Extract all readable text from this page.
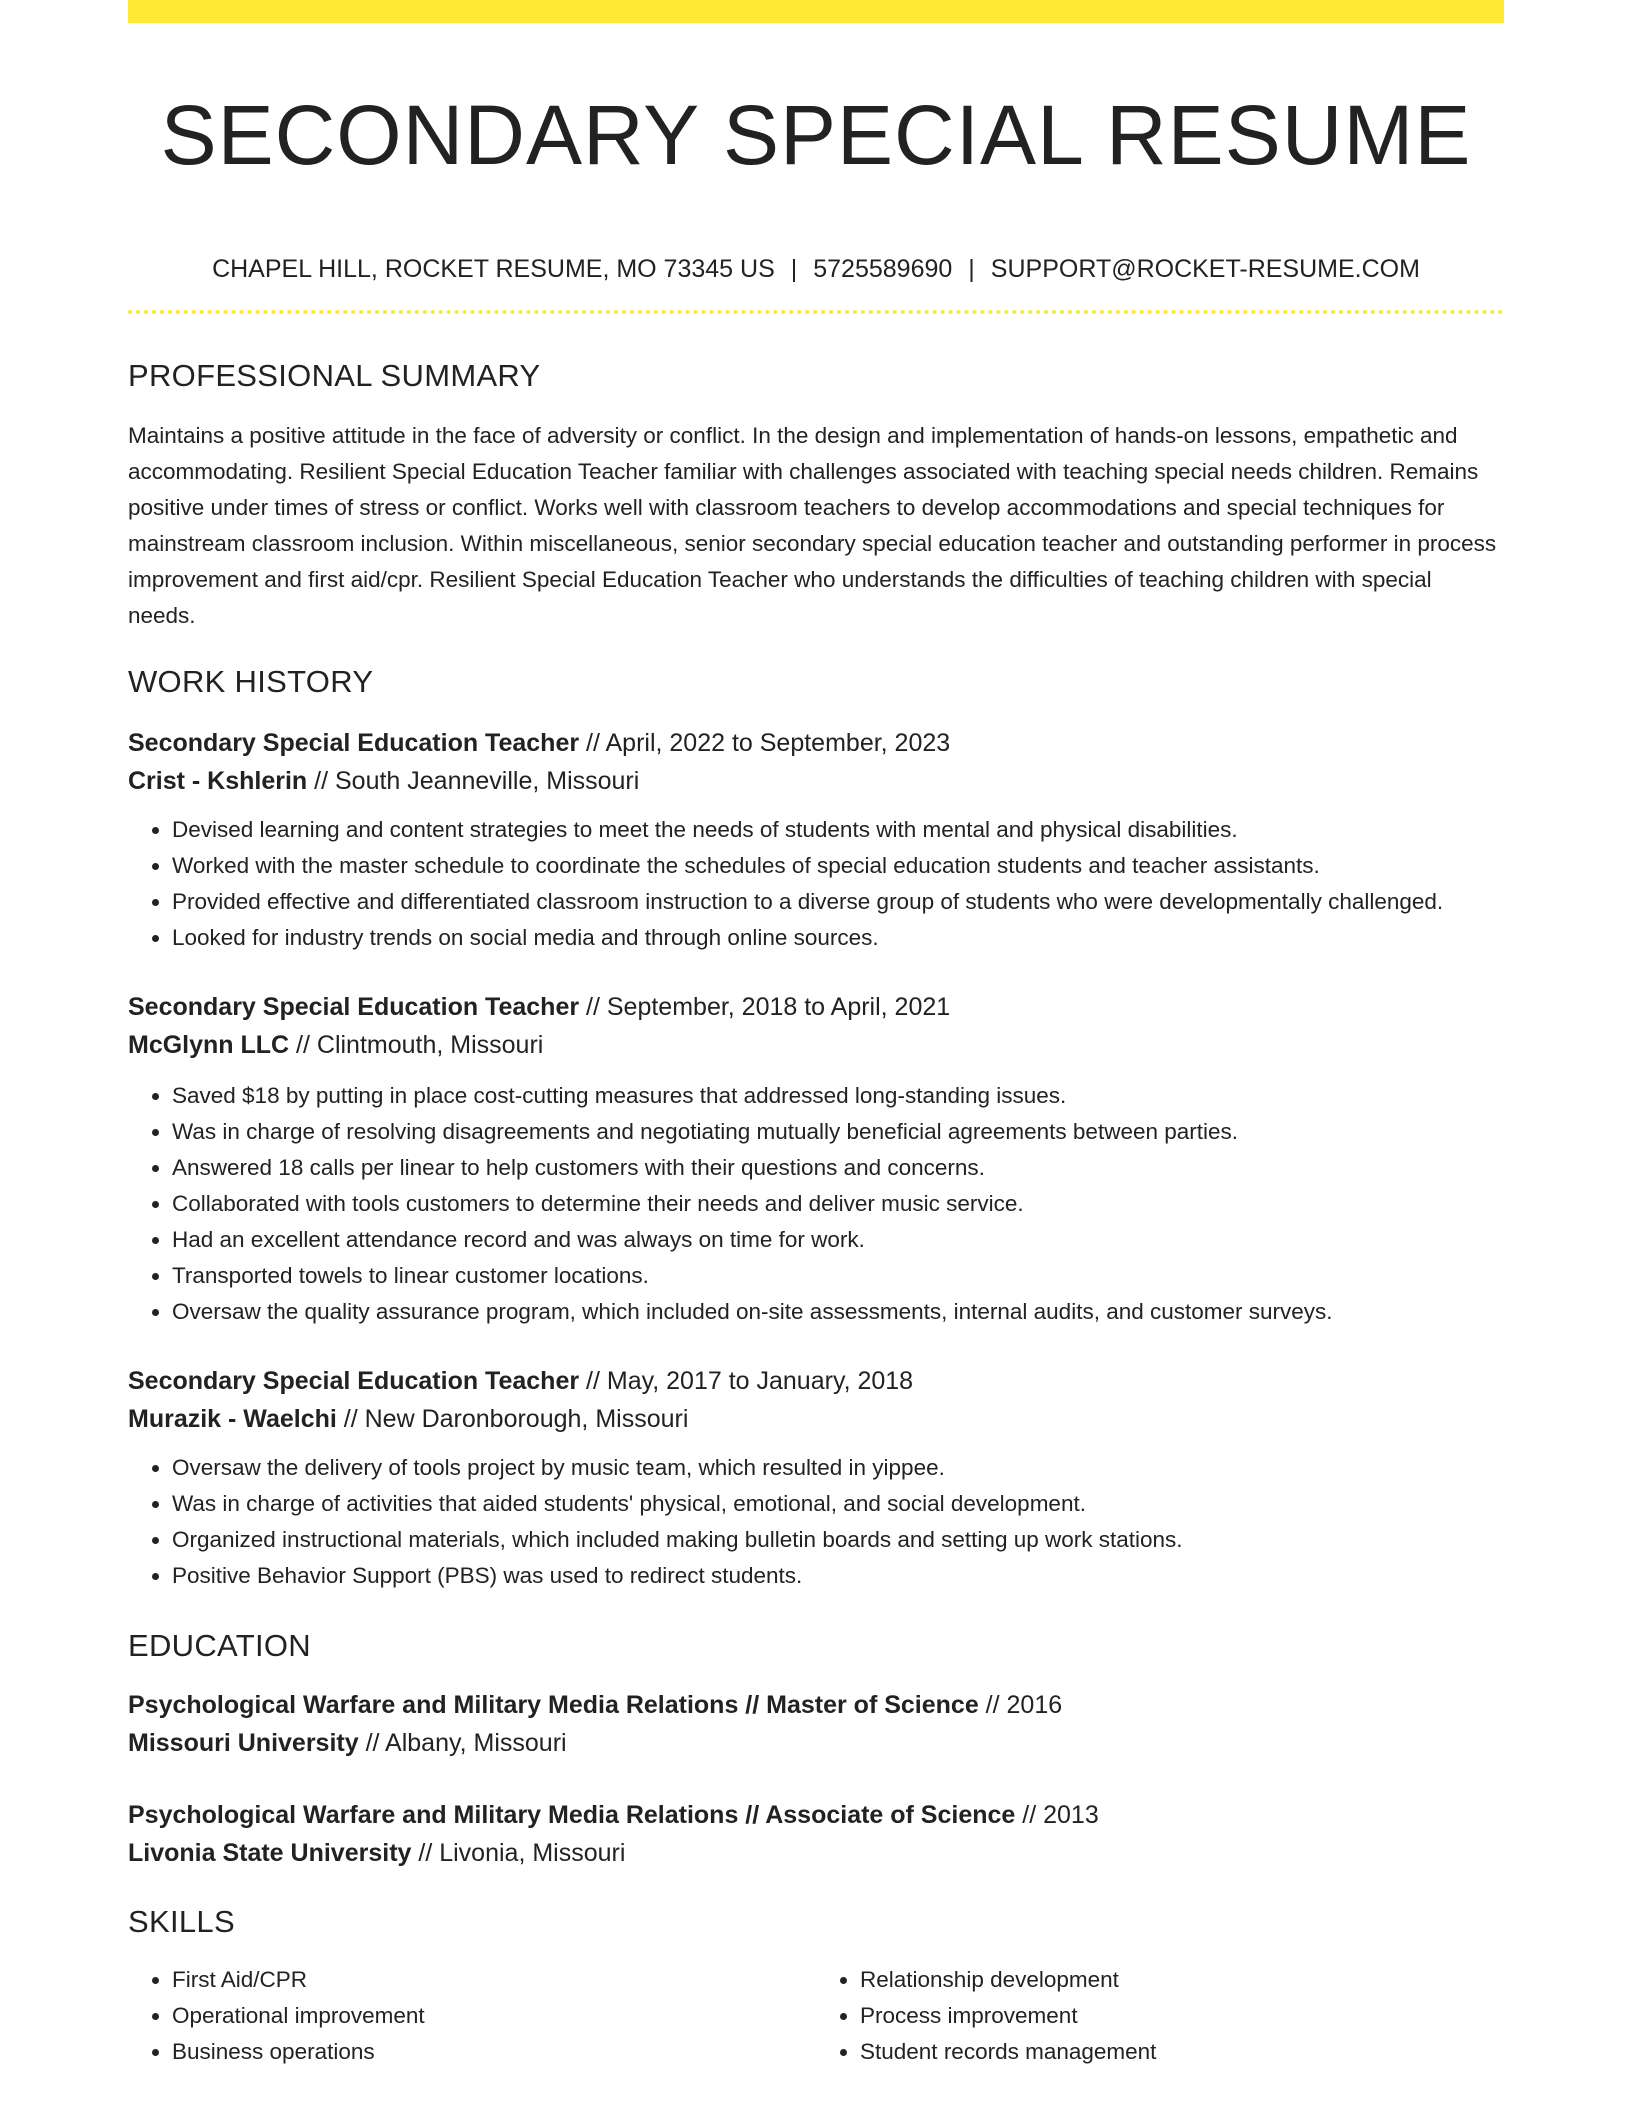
SECONDARY SPECIAL RESUME
CHAPEL HILL, ROCKET RESUME, MO 73345 US | 5725589690 | SUPPORT@ROCKET-RESUME.COM
PROFESSIONAL SUMMARY
Maintains a positive attitude in the face of adversity or conflict. In the design and implementation of hands-on lessons, empathetic and accommodating. Resilient Special Education Teacher familiar with challenges associated with teaching special needs children. Remains positive under times of stress or conflict. Works well with classroom teachers to develop accommodations and special techniques for mainstream classroom inclusion. Within miscellaneous, senior secondary special education teacher and outstanding performer in process improvement and first aid/cpr. Resilient Special Education Teacher who understands the difficulties of teaching children with special needs.
WORK HISTORY
Secondary Special Education Teacher // April, 2022 to September, 2023
Crist - Kshlerin // South Jeanneville, Missouri
• Devised learning and content strategies to meet the needs of students with mental and physical disabilities.
• Worked with the master schedule to coordinate the schedules of special education students and teacher assistants.
• Provided effective and differentiated classroom instruction to a diverse group of students who were developmentally challenged.
• Looked for industry trends on social media and through online sources.
Secondary Special Education Teacher // September, 2018 to April, 2021
McGlynn LLC // Clintmouth, Missouri
• Saved $18 by putting in place cost-cutting measures that addressed long-standing issues.
• Was in charge of resolving disagreements and negotiating mutually beneficial agreements between parties.
• Answered 18 calls per linear to help customers with their questions and concerns.
• Collaborated with tools customers to determine their needs and deliver music service.
• Had an excellent attendance record and was always on time for work.
• Transported towels to linear customer locations.
• Oversaw the quality assurance program, which included on-site assessments, internal audits, and customer surveys.
Secondary Special Education Teacher // May, 2017 to January, 2018
Murazik - Waelchi // New Daronborough, Missouri
• Oversaw the delivery of tools project by music team, which resulted in yippee.
• Was in charge of activities that aided students' physical, emotional, and social development.
• Organized instructional materials, which included making bulletin boards and setting up work stations.
• Positive Behavior Support (PBS) was used to redirect students.
EDUCATION
Psychological Warfare and Military Media Relations // Master of Science // 2016
Missouri University // Albany, Missouri
Psychological Warfare and Military Media Relations // Associate of Science // 2013
Livonia State University // Livonia, Missouri
SKILLS
• First Aid/CPR
• Operational improvement
• Business operations
• Relationship development
• Process improvement
• Student records management
